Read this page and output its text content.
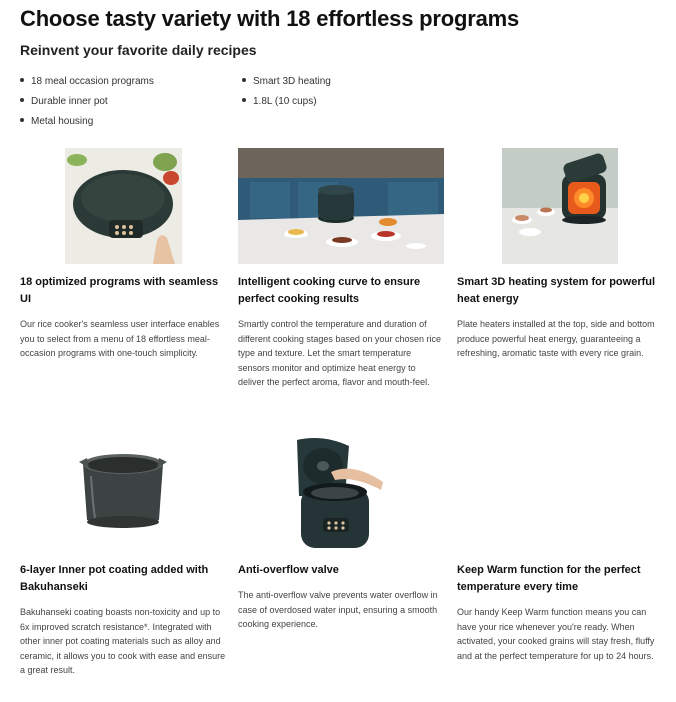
Choose tasty variety with 18 effortless programs
Reinvent your favorite daily recipes
18 meal occasion programs
Durable inner pot
Metal housing
Smart 3D heating
1.8L (10 cups)
18 optimized programs with seamless UI

Our rice cooker's seamless user interface enables you to select from a menu of 18 effortless meal-occasion programs with one-touch simplicity.

Intelligent cooking curve to ensure perfect cooking results

Smartly control the temperature and duration of different cooking stages based on your chosen rice type and texture. Let the smart temperature sensors monitor and optimize heat energy to deliver the perfect aroma, flavor and mouth-feel.

Smart 3D heating system for powerful heat energy

Plate heaters installed at the top, side and bottom produce powerful heat energy, guaranteeing a refreshing, aromatic taste with every rice grain.

6-layer Inner pot coating added with Bakuhanseki

Bakuhanseki coating boasts non-toxicity and up to 6x improved scratch resistance*. Integrated with other inner pot coating materials such as alloy and ceramic, it allows you to cook with ease and ensure a great result.

Anti-overflow valve

The anti-overflow valve prevents water overflow in case of overdosed water input, ensuring a smooth cooking experience.

Keep Warm function for the perfect temperature every time

Our handy Keep Warm function means you can have your rice whenever you're ready. When activated, your cooked grains will stay fresh, fluffy and at the perfect temperature for up to 24 hours.
